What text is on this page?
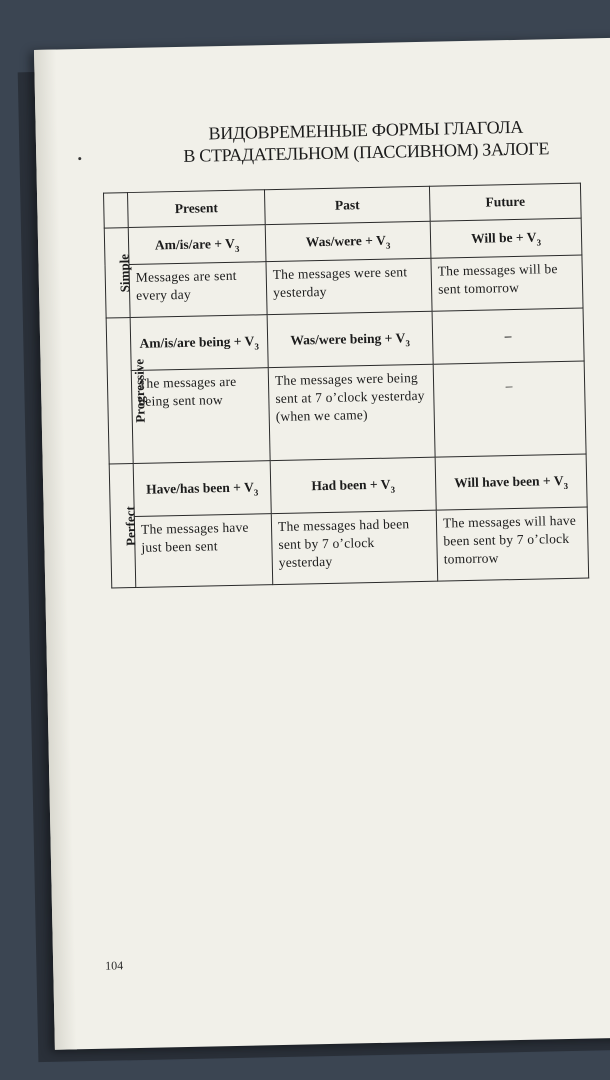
ВИДОВРЕМЕННЫЕ ФОРМЫ ГЛАГОЛА
В СТРАДАТЕЛЬНОМ (ПАССИВНОМ) ЗАЛОГЕ
	Present	Past	Future
Simple	$Am/is/are + V_3$	Was/were + $V_3$	Will be + $V_3$
	Messages are sent every day	The messages were sent yesterday	The messages will be sent tomorrow
Progressive	Am/is/are being + $V_3$	Was/were being + $V_3$	–
	The messages are being sent now	The messages were being sent at 7 o’clock yesterday (when we came)	–
Perfect	Have/has been + $V_3$	Had been + $V_3$	Will have been + $V_3$
	The messages have just been sent	The messages had been sent by 7 o’clock yesterday	The messages will have been sent by 7 o’clock tomorrow
104
